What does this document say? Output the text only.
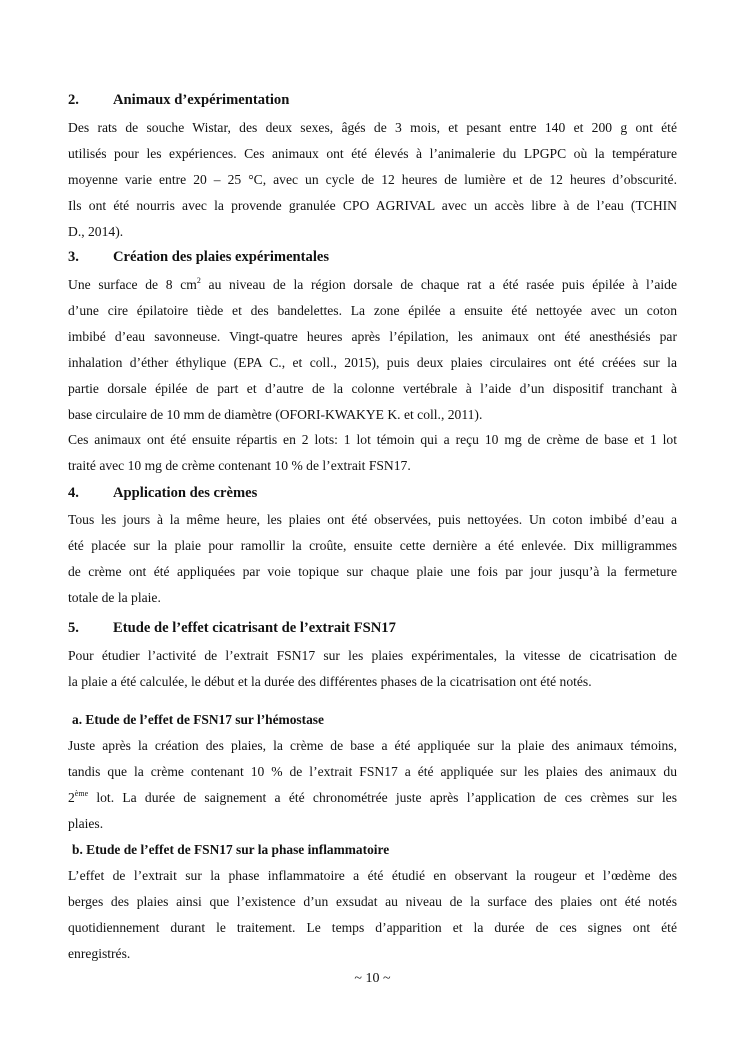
2. Animaux d’expérimentation
Des rats de souche Wistar, des deux sexes, âgés de 3 mois, et pesant entre 140 et 200 g ont été
utilisés pour les expériences. Ces animaux ont été élevés à l’animalerie du LPGPC où la température
moyenne varie entre 20 – 25 °C, avec un cycle de 12 heures de lumière et de 12 heures d’obscurité.
Ils ont été nourris avec la provende granulée CPO AGRIVAL avec un accès libre à de l’eau (TCHIN
D., 2014).
3. Création des plaies expérimentales
Une surface de 8 $cm^2$ au niveau de la région dorsale de chaque rat a été rasée puis épilée à l’aide
d’une cire épilatoire tiède et des bandelettes. La zone épilée a ensuite été nettoyée avec un coton
imbibé d’eau savonneuse. Vingt-quatre heures après l’épilation, les animaux ont été anesthésiés par
inhalation d’éther éthylique (EPA C., et coll., 2015), puis deux plaies circulaires ont été créées sur la
partie dorsale épilée de part et d’autre de la colonne vertébrale à l’aide d’un dispositif tranchant à
base circulaire de 10 mm de diamètre (OFORI-KWAKYE K. et coll., 2011).
Ces animaux ont été ensuite répartis en 2 lots: 1 lot témoin qui a reçu 10 mg de crème de base et 1 lot
traité avec 10 mg de crème contenant 10 % de l’extrait FSN17.
4. Application des crèmes
Tous les jours à la même heure, les plaies ont été observées, puis nettoyées. Un coton imbibé d’eau a
été placée sur la plaie pour ramollir la croûte, ensuite cette dernière a été enlevée. Dix milligrammes
de crème ont été appliquées par voie topique sur chaque plaie une fois par jour jusqu’à la fermeture
totale de la plaie.
5. Etude de l’effet cicatrisant de l’extrait FSN17
Pour étudier l’activité de l’extrait FSN17 sur les plaies expérimentales, la vitesse de cicatrisation de
la plaie a été calculée, le début et la durée des différentes phases de la cicatrisation ont été notés.
a. Etude de l’effet de FSN17 sur l’hémostase
Juste après la création des plaies, la crème de base a été appliquée sur la plaie des animaux témoins,
tandis que la crème contenant 10 % de l’extrait FSN17 a été appliquée sur les plaies des animaux du
2ème lot. La durée de saignement a été chronométrée juste après l’application de ces crèmes sur les
plaies.
b. Etude de l’effet de FSN17 sur la phase inflammatoire
L’effet de l’extrait sur la phase inflammatoire a été étudié en observant la rougeur et l’œdème des
berges des plaies ainsi que l’existence d’un exsudat au niveau de la surface des plaies ont été notés
quotidiennement durant le traitement. Le temps d’apparition et la durée de ces signes ont été
enregistrés.
~ 10 ~
